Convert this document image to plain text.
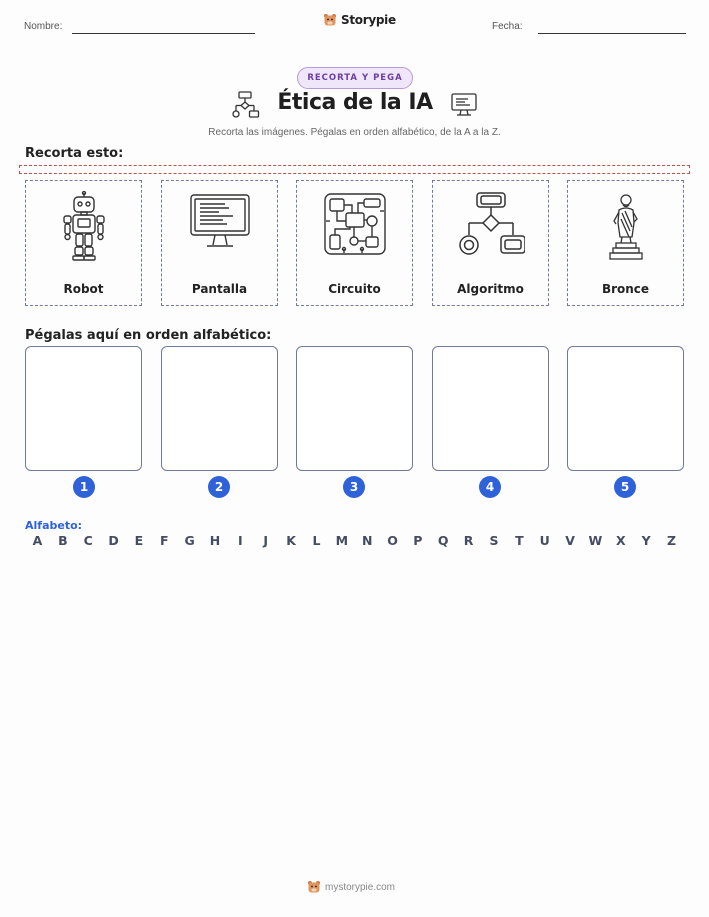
Nombre:	Storypie	Fecha:
RECORTA Y PEGA
Ética de la IA
Recorta las imágenes. Pégalas en orden alfabético, de la A a la Z.
Recorta esto:
Robot	Pantalla	Circuito	Algoritmo	Bronce
Pégalas aquí en orden alfabético:
1	2	3	4	5
Alfabeto:
A	B	C	D	E	F	G	H	I	J	K	L	M	N	O	P	Q	R	S	T	U	V	W	X	Y	Z
mystorypie.com
